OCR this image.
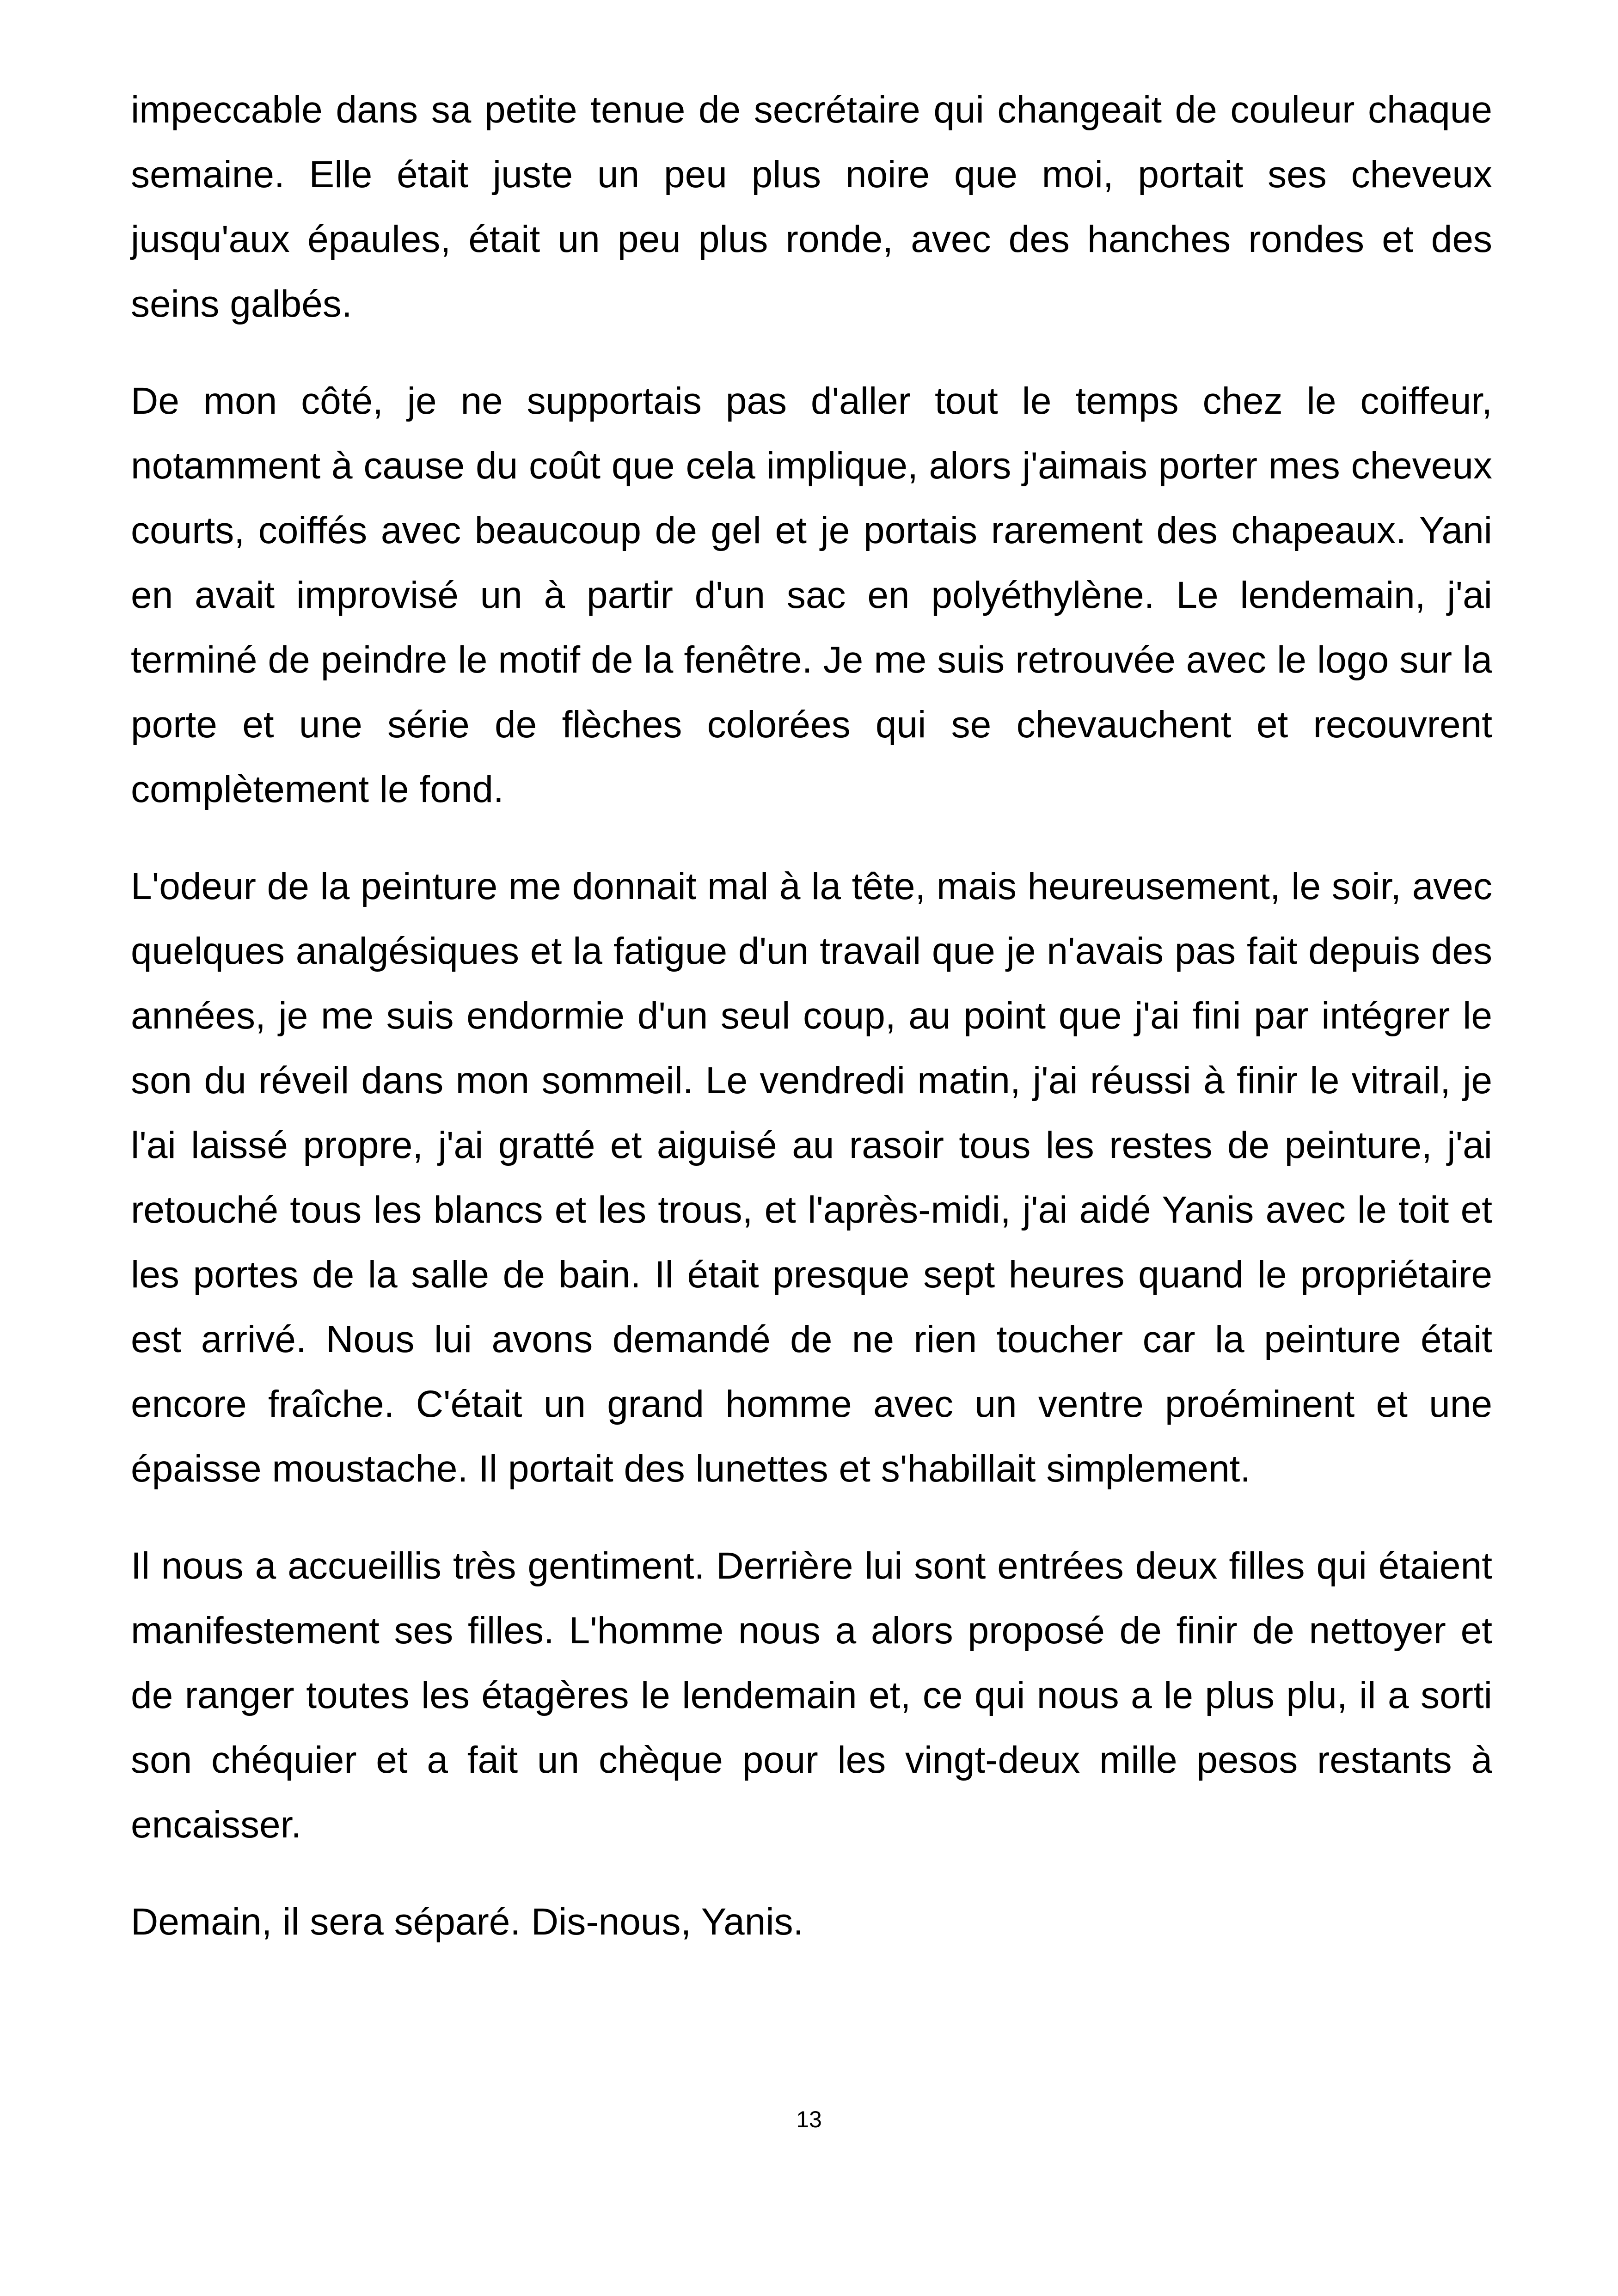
impeccable dans sa petite tenue de secrétaire qui changeait de couleur chaque semaine. Elle était juste un peu plus noire que moi, portait ses cheveux jusqu'aux épaules, était un peu plus ronde, avec des hanches rondes et des seins galbés.

De mon côté, je ne supportais pas d'aller tout le temps chez le coiffeur, notamment à cause du coût que cela implique, alors j'aimais porter mes cheveux courts, coiffés avec beaucoup de gel et je portais rarement des chapeaux. Yani en avait improvisé un à partir d'un sac en polyéthylène. Le lendemain, j'ai terminé de peindre le motif de la fenêtre. Je me suis retrouvée avec le logo sur la porte et une série de flèches colorées qui se chevauchent et recouvrent complètement le fond.

L'odeur de la peinture me donnait mal à la tête, mais heureusement, le soir, avec quelques analgésiques et la fatigue d'un travail que je n'avais pas fait depuis des années, je me suis endormie d'un seul coup, au point que j'ai fini par intégrer le son du réveil dans mon sommeil. Le vendredi matin, j'ai réussi à finir le vitrail, je l'ai laissé propre, j'ai gratté et aiguisé au rasoir tous les restes de peinture, j'ai retouché tous les blancs et les trous, et l'après-midi, j'ai aidé Yanis avec le toit et les portes de la salle de bain. Il était presque sept heures quand le propriétaire est arrivé. Nous lui avons demandé de ne rien toucher car la peinture était encore fraîche. C'était un grand homme avec un ventre proéminent et une épaisse moustache. Il portait des lunettes et s'habillait simplement.

Il nous a accueillis très gentiment. Derrière lui sont entrées deux filles qui étaient manifestement ses filles. L'homme nous a alors proposé de finir de nettoyer et de ranger toutes les étagères le lendemain et, ce qui nous a le plus plu, il a sorti son chéquier et a fait un chèque pour les vingt-deux mille pesos restants à encaisser.

Demain, il sera séparé. Dis-nous, Yanis.

13
